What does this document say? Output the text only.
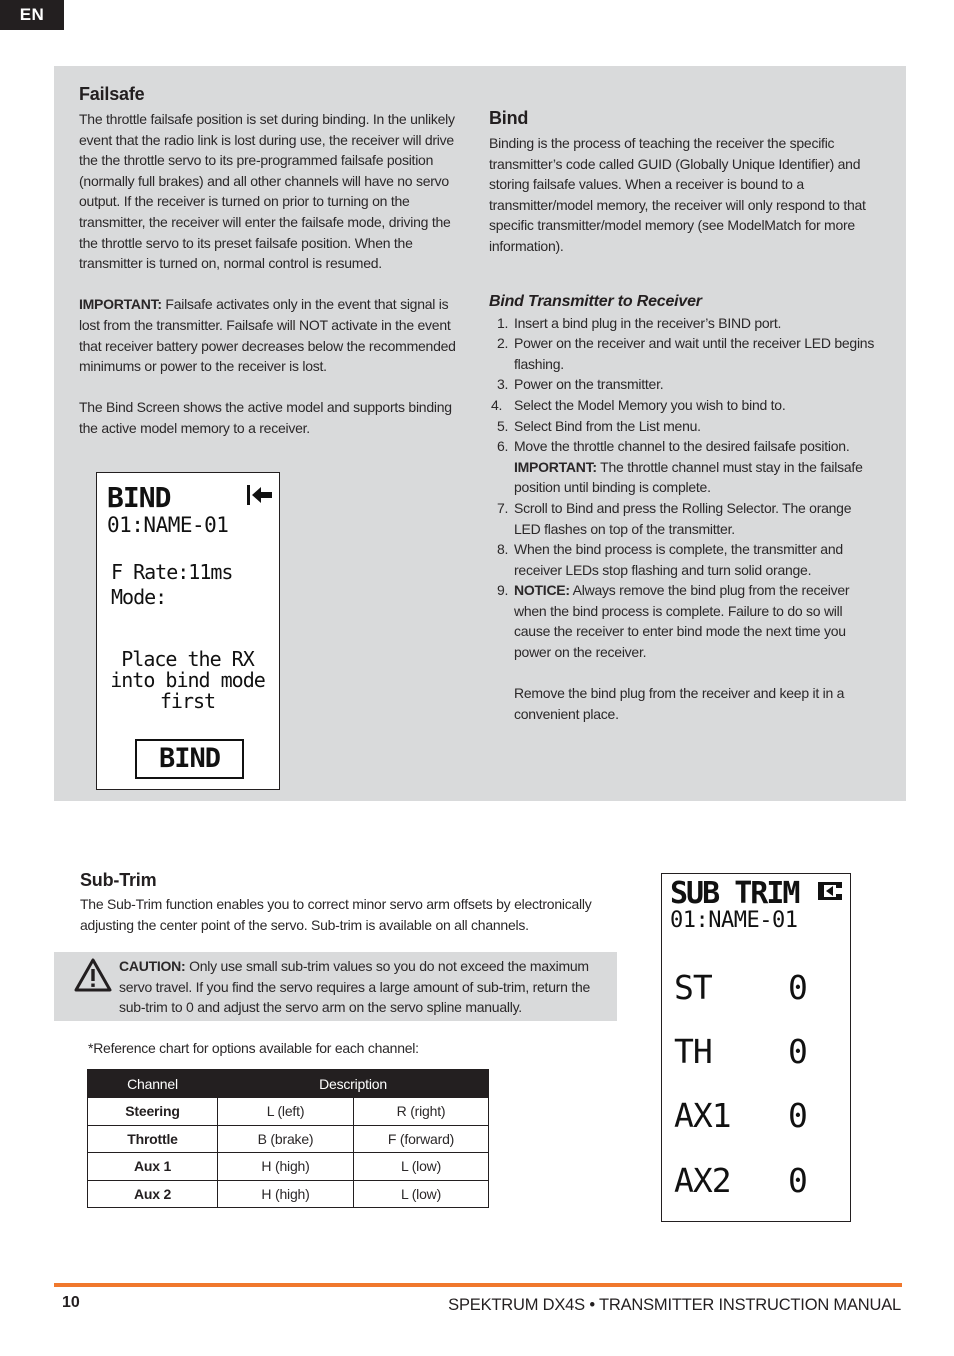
EN
Failsafe

The throttle failsafe position is set during binding. In the unlikely event that the radio link is lost during use, the receiver will drive the the throttle servo to its pre-programmed failsafe position (normally full brakes) and all other channels will have no servo output. If the receiver is turned on prior to turning on the transmitter, the receiver will enter the failsafe mode, driving the the throttle servo to its preset failsafe position. When the transmitter is turned on, normal control is resumed.

IMPORTANT: Failsafe activates only in the event that signal is lost from the transmitter. Failsafe will NOT activate in the event that receiver battery power decreases below the recommended minimums or power to the receiver is lost.

The Bind Screen shows the active model and supports binding the active model memory to a receiver.

BIND
01:NAME-01
F Rate:11ms
Mode:
Place the RX into bind mode first
BIND
Bind

Binding is the process of teaching the receiver the specific transmitter’s code called GUID (Globally Unique Identifier) and storing failsafe values. When a receiver is bound to a transmitter/model memory, the receiver will only respond to that specific transmitter/model memory (see ModelMatch for more information).

Bind Transmitter to Receiver
1. Insert a bind plug in the receiver’s BIND port.
2. Power on the receiver and wait until the receiver LED begins flashing.
3. Power on the transmitter.
4. Select the Model Memory you wish to bind to.
5. Select Bind from the List menu.
6. Move the throttle channel to the desired failsafe position. IMPORTANT: The throttle channel must stay in the failsafe position until binding is complete.
7. Scroll to Bind and press the Rolling Selector. The orange LED flashes on top of the transmitter.
8. When the bind process is complete, the transmitter and receiver LEDs stop flashing and turn solid orange.
9. NOTICE: Always remove the bind plug from the receiver when the bind process is complete. Failure to do so will cause the receiver to enter bind mode the next time you power on the receiver.
Remove the bind plug from the receiver and keep it in a convenient place.
Sub-Trim

The Sub-Trim function enables you to correct minor servo arm offsets by electronically adjusting the center point of the servo. Sub-trim is available on all channels.

CAUTION: Only use small sub-trim values so you do not exceed the maximum servo travel. If you find the servo requires a large amount of sub-trim, return the sub-trim to 0 and adjust the servo arm on the servo spline manually.

*Reference chart for options available for each channel:
Channel	Description	
Steering	L (left)	R (right)
Throttle	B (brake)	F (forward)
Aux 1	H (high)	L (low)
Aux 2	H (high)	L (low)
SUB TRIM
01:NAME-01
ST 0
TH 0
AX1 0
AX2 0
10	SPEKTRUM DX4S • TRANSMITTER INSTRUCTION MANUAL
